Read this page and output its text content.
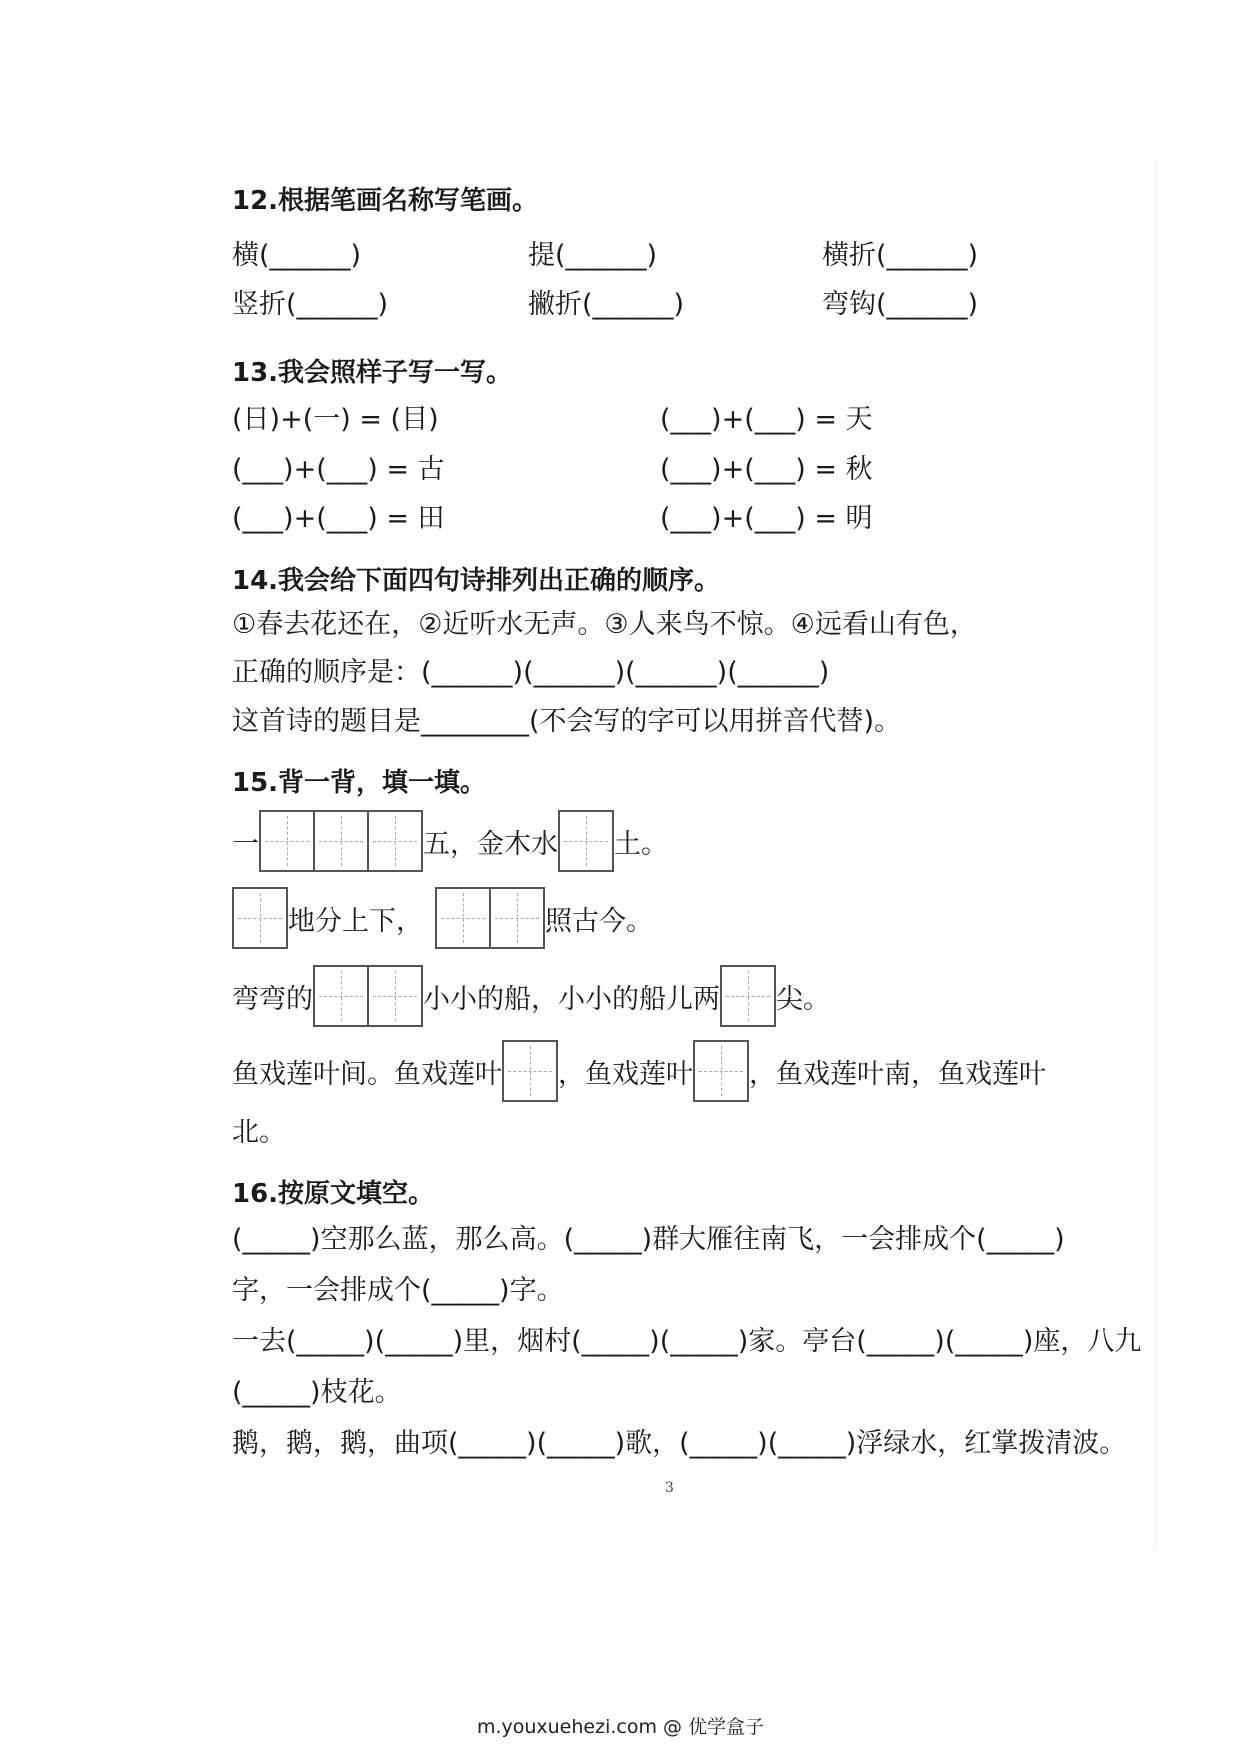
12.根据笔画名称写笔画。
横(______)	提(______)	横折(______)
竖折(______)	撇折(______)	弯钩(______)
13.我会照样子写一写。
(日)+(一) = (目)	(___)+(___) = 天
(___)+(___) = 古	(___)+(___) = 秋
(___)+(___) = 田	(___)+(___) = 明
14.我会给下面四句诗排列出正确的顺序。
①春去花还在，②近听水无声。③人来鸟不惊。④远看山有色，
正确的顺序是：(______)(______)(______)(______)
这首诗的题目是________(不会写的字可以用拼音代替)。
15.背一背，填一填。
一	五，金木水 土。
地分上下，	照古今。
弯弯的	小小的船，小小的船儿两 尖。
鱼戏莲叶间。鱼戏莲叶 ，鱼戏莲叶 ，鱼戏莲叶南，鱼戏莲叶
北。
16.按原文填空。
(_____)空那么蓝，那么高。(_____)群大雁往南飞，一会排成个(_____)
字，一会排成个(_____)字。
一去(_____)(_____)里，烟村(_____)(_____)家。亭台(_____)(_____)座，八九
(_____)枝花。
鹅，鹅，鹅，曲项(_____)(_____)歌，(_____)(_____)浮绿水，红掌拨清波。
3
m.youxuehezi.com @ 优学盒子
